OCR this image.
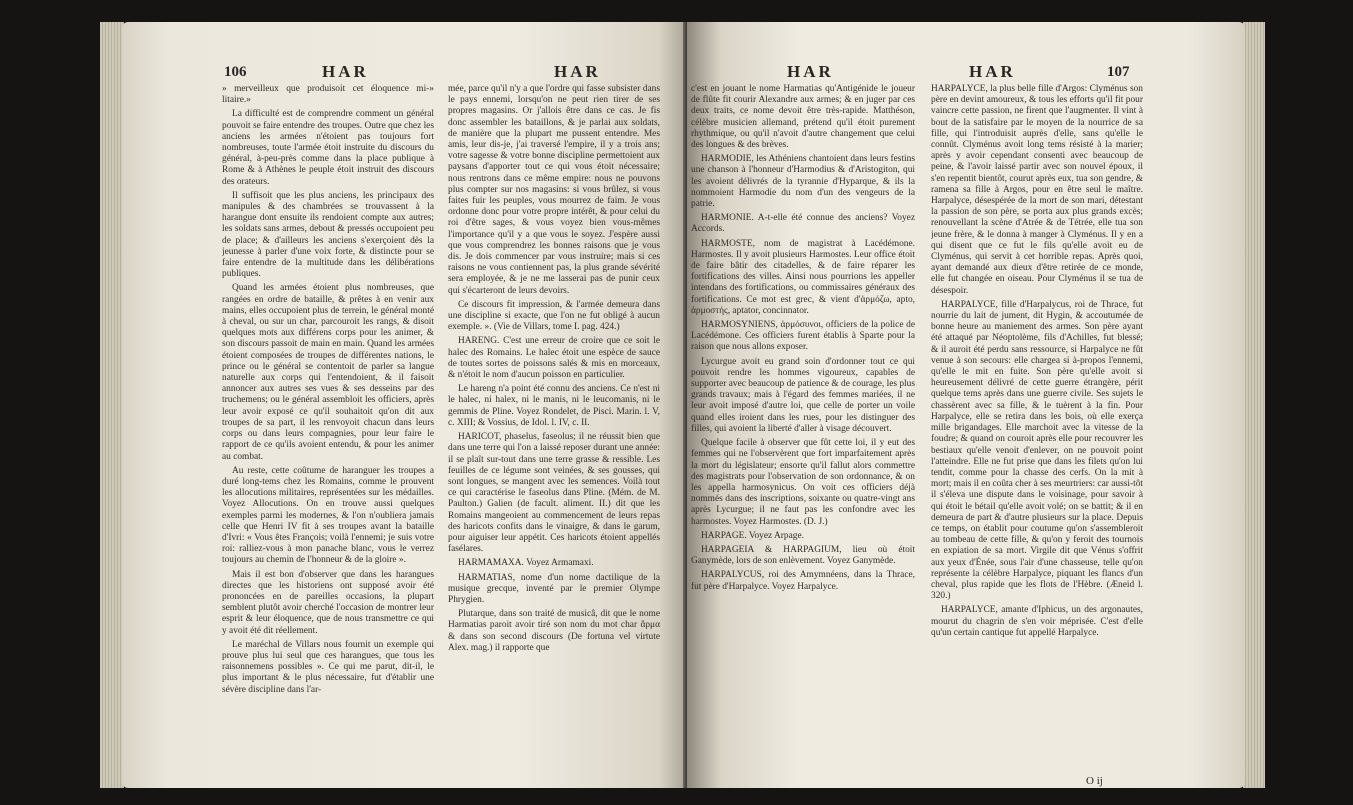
106	HAR	HAR

» merveilleux que produisoit cet éloquence mi-» litaire.»

La difficulté est de comprendre comment un général pouvoit se faire entendre des troupes. Outre que chez les anciens les armées n'étoient pas toujours fort nombreuses, toute l'armée étoit instruite du discours du général, à-peu-près comme dans la place publique à Rome & à Athènes le peuple étoit instruit des discours des orateurs.

Il suffisoit que les plus anciens, les principaux des manipules & des chambrées se trouvassent à la harangue dont ensuite ils rendoient compte aux autres; les soldats sans armes, debout & pressés occupoient peu de place; & d'ailleurs les anciens s'exerçoient dès la jeunesse à parler d'une voix forte, & distincte pour se faire entendre de la multitude dans les délibérations publiques.

Quand les armées étoient plus nombreuses, que rangées en ordre de bataille, & prêtes à en venir aux mains, elles occupoient plus de terrein, le général monté à cheval, ou sur un char, parcouroit les rangs, & disoit quelques mots aux différens corps pour les animer, & son discours passoit de main en main. Quand les armées étoient composées de troupes de différentes nations, le prince ou le général se contentoit de parler sa langue naturelle aux corps qui l'entendoient, & il faisoit annoncer aux autres ses vues & ses desseins par des truchemens; ou le général assembloit les officiers, après leur avoir exposé ce qu'il souhaitoit qu'on dit aux troupes de sa part, il les renvoyoit chacun dans leurs corps ou dans leurs compagnies, pour leur faire le rapport de ce qu'ils avoient entendu, & pour les animer au combat.

Au reste, cette coûtume de haranguer les troupes a duré long-tems chez les Romains, comme le prouvent les allocutions militaires, représentées sur les médailles. Voyez Allocutions. On en trouve aussi quelques exemples parmi les modernes, & l'on n'oubliera jamais celle que Henri IV fit à ses troupes avant la bataille d'Ivri: « Vous êtes François; voilà l'ennemi; je suis votre roi: ralliez-vous à mon panache blanc, vous le verrez toujours au chemin de l'honneur & de la gloire ».

Mais il est bon d'observer que dans les harangues directes que les historiens ont supposé avoir été prononcées en de pareilles occasions, la plupart semblent plutôt avoir cherché l'occasion de montrer leur esprit & leur éloquence, que de nous transmettre ce qui y avoit été dit réellement.

Le maréchal de Villars nous fournit un exemple qui prouve plus lui seul que ces harangues, que tous les raisonnemens possibles ». Ce qui me parut, dit-il, le plus important & le plus nécessaire, fut d'établir une sévère discipline dans l'ar-

mée, parce qu'il n'y a que l'ordre qui fasse subsister dans le pays ennemi, lorsqu'on ne peut rien tirer de ses propres magasins. Or j'allois être dans ce cas. Je fis donc assembler les bataillons, & je parlai aux soldats, de manière que la plupart me pussent entendre. Mes amis, leur dis-je, j'ai traversé l'empire, il y a trois ans; votre sagesse & votre bonne discipline permettoient aux paysans d'apporter tout ce qui vous étoit nécessaire; nous rentrons dans ce même empire: nous ne pouvons plus compter sur nos magasins: si vous brûlez, si vous faites fuir les peuples, vous mourrez de faim. Je vous ordonne donc pour votre propre intérêt, & pour celui du roi d'être sages, & vous voyez bien vous-mêmes l'importance qu'il y a que vous le soyez. J'espère aussi que vous comprendrez les bonnes raisons que je vous dis. Je dois commencer par vous instruire; mais si ces raisons ne vous contiennent pas, la plus grande sévérité sera employée, & je ne me lasserai pas de punir ceux qui s'écarteront de leurs devoirs.

Ce discours fit impression, & l'armée demeura dans une discipline si exacte, que l'on ne fut obligé à aucun exemple. ». (Vie de Villars, tome I. pag. 424.)

HARENG. C'est une erreur de croire que ce soit le halec des Romains. Le halec étoit une espèce de sauce de toutes sortes de poissons salés & mis en morceaux, & n'étoit le nom d'aucun poisson en particulier.

Le hareng n'a point été connu des anciens. Ce n'est ni le halec, ni halex, ni le manis, ni le leucomanis, ni le gemmis de Pline. Voyez Rondelet, de Pisci. Marin. l. V, c. XIII; & Vossius, de Idol. l. IV, c. II.

HARICOT, phaselus, faseolus; il ne réussit bien que dans une terre qui l'on a laissé reposer durant une année: il se plaît sur-tout dans une terre grasse & ressible. Les feuilles de ce légume sont veinées, & ses gousses, qui sont longues, se mangent avec les semences. Voilà tout ce qui caractérise le faseolus dans Pline. (Mém. de M. Paulton.) Galien (de facult. aliment. II.) dit que les Romains mangeoient au commencement de leurs repas des haricots confits dans le vinaigre, & dans le garum, pour aiguiser leur appétit. Ces haricots étoient appellés fasélares.

HARMAMAXA. Voyez Armamaxi.

HARMATIAS, nome d'un nome dactilique de la musique grecque, inventé par le premier Olympe Phrygien.

Plutarque, dans son traité de musicâ, dit que le nome Harmatias paroit avoir tiré son nom du mot char ἅρμα & dans son second discours (De fortuna vel virtute Alex. mag.) il rapporte que

HAR	HAR	107

c'est en jouant le nome Harmatias qu'Antigénide le joueur de flûte fit courir Alexandre aux armes; & en juger par ces deux traits, ce nome devoit être très-rapide. Matthéson, célèbre musicien allemand, prétend qu'il étoit purement rhythmique, ou qu'il n'avoit d'autre changement que celui des longues & des brèves.

HARMODIE, les Athéniens chantoient dans leurs festins une chanson à l'honneur d'Harmodius & d'Aristogiton, qui les avoient délivrés de la tyrannie d'Hyparque, & ils la nommoient Harmodie du nom d'un des vengeurs de la patrie.

HARMONIE. A-t-elle été connue des anciens? Voyez Accords.

HARMOSTE, nom de magistrat à Lacédémone. Harmostes. Il y avoit plusieurs Harmostes. Leur office étoit de faire bâtir des citadelles, & de faire réparer les fortifications des villes. Ainsi nous pourrions les appeller intendans des fortifications, ou commissaires généraux des fortifications. Ce mot est grec, & vient d'ἁρμόζω, apto, ἁρμοστής, aptator, concinnator.

HARMOSYNIENS, ἁρμόσυνοι, officiers de la police de Lacédémone. Ces officiers furent établis à Sparte pour la raison que nous allons exposer.

Lycurgue avoit eu grand soin d'ordonner tout ce qui pouvoit rendre les hommes vigoureux, capables de supporter avec beaucoup de patience & de courage, les plus grands travaux; mais à l'égard des femmes mariées, il ne leur avoit imposé d'autre loi, que celle de porter un voile quand elles iroient dans les rues, pour les distinguer des filles, qui avoient la liberté d'aller à visage découvert.

Quelque facile à observer que fût cette loi, il y eut des femmes qui ne l'observèrent que fort imparfaitement après la mort du législateur; ensorte qu'il fallut alors commettre des magistrats pour l'observation de son ordonnance, & on les appella harmosynicus. On voit ces officiers déjà nommés dans des inscriptions, soixante ou quatre-vingt ans après Lycurgue; il ne faut pas les confondre avec les harmostes. Voyez Harmostes. (D. J.)

HARPAGE. Voyez Arpage.

HARPAGEIA & HARPAGIUM, lieu où étoit Ganymède, lors de son enlèvement. Voyez Ganymède.

HARPALYCUS, roi des Amymnéens, dans la Thrace, fut père d'Harpalyce. Voyez Harpalyce.

HARPALYCE, la plus belle fille d'Argos: Clyménus son père en devint amoureux, & tous les efforts qu'il fit pour vaincre cette passion, ne firent que l'augmenter. Il vint à bout de la satisfaire par le moyen de la nourrice de sa fille, qui l'introduisit auprès d'elle, sans qu'elle le connût. Clyménus avoit long tems résisté à la marier; après y avoir cependant consenti avec beaucoup de peine, & l'avoir laissé partir avec son nouvel époux, il s'en repentit bientôt, courut après eux, tua son gendre, & ramena sa fille à Argos, pour en être seul le maître. Harpalyce, désespérée de la mort de son mari, détestant la passion de son père, se porta aux plus grands excès; renouvellant la scène d'Atrée & de Tétrée, elle tua son jeune frère, & le donna à manger à Clyménus. Il y en a qui disent que ce fut le fils qu'elle avoit eu de Clyménus, qui servit à cet horrible repas. Après quoi, ayant demandé aux dieux d'être retirée de ce monde, elle fut changée en oiseau. Pour Clyménus il se tua de désespoir.

HARPALYCE, fille d'Harpalycus, roi de Thrace, fut nourrie du lait de jument, dit Hygin, & accoutumée de bonne heure au maniement des armes. Son père ayant été attaqué par Néoptolème, fils d'Achilles, fut blessé; & il auroit été perdu sans ressource, si Harpalyce ne fût venue à son secours: elle chargea si à-propos l'ennemi, qu'elle le mit en fuite. Son père qu'elle avoit si heureusement délivré de cette guerre étrangère, périt quelque tems après dans une guerre civile. Ses sujets le chassèrent avec sa fille, & le tuèrent à la fin. Pour Harpalyce, elle se retira dans les bois, où elle exerça mille brigandages. Elle marchoit avec la vitesse de la foudre; & quand on couroit après elle pour recouvrer les bestiaux qu'elle venoit d'enlever, on ne pouvoit point l'atteindre. Elle ne fut prise que dans les filets qu'on lui tendit, comme pour la chasse des cerfs. On la mit à mort; mais il en coûta cher à ses meurtriers: car aussi-tôt il s'éleva une dispute dans le voisinage, pour savoir à qui étoit le bétail qu'elle avoit volé; on se battit; & il en demeura de part & d'autre plusieurs sur la place. Depuis ce temps, on établit pour coutume qu'on s'assembleroit au tombeau de cette fille, & qu'on y feroit des tournois en expiation de sa mort. Virgile dit que Vénus s'offrit aux yeux d'Énée, sous l'air d'une chasseuse, telle qu'on représente la célèbre Harpalyce, piquant les flancs d'un cheval, plus rapide que les flots de l'Hèbre. (Æneid l. 320.)

HARPALYCE, amante d'Iphicus, un des argonautes, mourut du chagrin de s'en voir méprisée. C'est d'elle qu'un certain cantique fut appellé Harpalyce.

O ij
